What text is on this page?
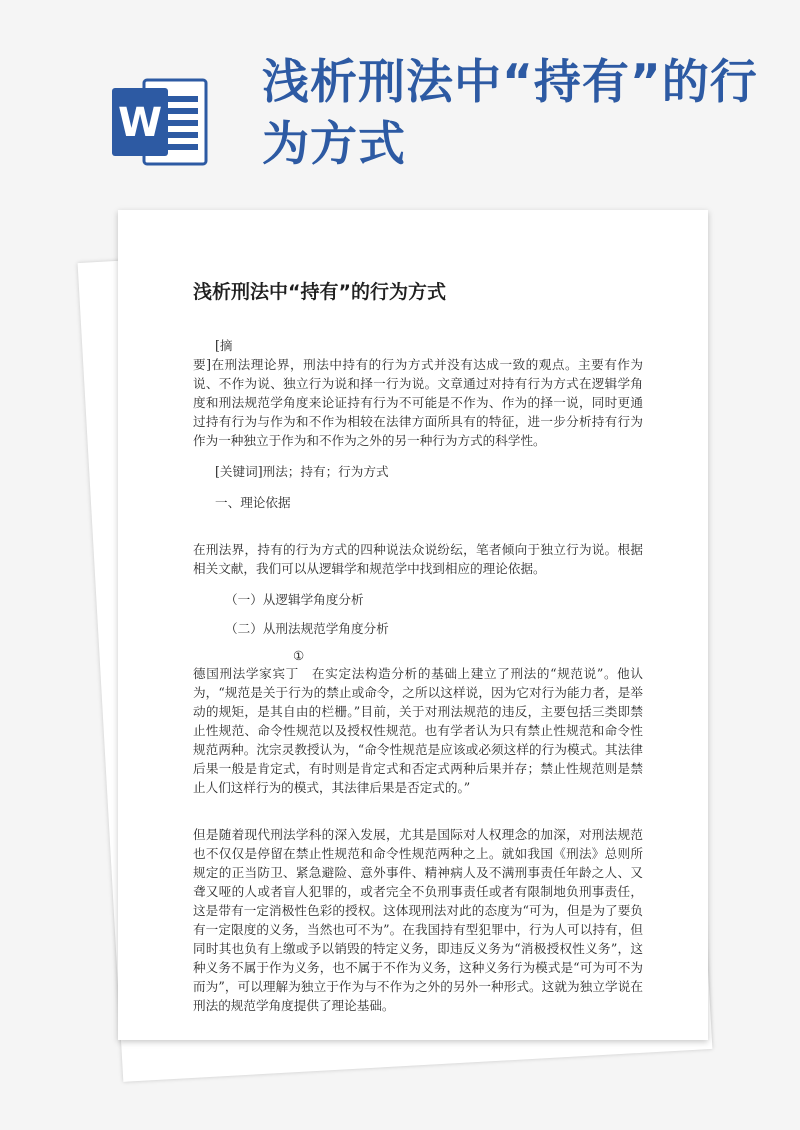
W
浅析刑法中“持有”的行为方式
浅析刑法中“持有”的行为方式

[摘

要]在刑法理论界，刑法中持有的行为方式并没有达成一致的观点。主要有作为说、不作为说、独立行为说和择一行为说。文章通过对持有行为方式在逻辑学角度和刑法规范学角度来论证持有行为不可能是不作为、作为的择一说，同时更通过持有行为与作为和不作为相较在法律方面所具有的特征，进一步分析持有行为作为一种独立于作为和不作为之外的另一种行为方式的科学性。

[关键词]刑法；持有；行为方式

一、理论依据

在刑法界，持有的行为方式的四种说法众说纷纭，笔者倾向于独立行为说。根据相关文献，我们可以从逻辑学和规范学中找到相应的理论依据。

（一）从逻辑学角度分析

（二）从刑法规范学角度分析

①

德国刑法学家宾丁　在实定法构造分析的基础上建立了刑法的“规范说”。他认为，“规范是关于行为的禁止或命令，之所以这样说，因为它对行为能力者，是举动的规矩，是其自由的栏栅。”目前，关于对刑法规范的违反，主要包括三类即禁止性规范、命令性规范以及授权性规范。也有学者认为只有禁止性规范和命令性规范两种。沈宗灵教授认为，“命令性规范是应该或必须这样的行为模式。其法律后果一般是肯定式，有时则是肯定式和否定式两种后果并存；禁止性规范则是禁止人们这样行为的模式，其法律后果是否定式的。”

但是随着现代刑法学科的深入发展，尤其是国际对人权理念的加深，对刑法规范也不仅仅是停留在禁止性规范和命令性规范两种之上。就如我国《刑法》总则所规定的正当防卫、紧急避险、意外事件、精神病人及不满刑事责任年龄之人、又聋又哑的人或者盲人犯罪的，或者完全不负刑事责任或者有限制地负刑事责任，这是带有一定消极性色彩的授权。这体现刑法对此的态度为“可为，但是为了要负有一定限度的义务，当然也可不为”。在我国持有型犯罪中，行为人可以持有，但同时其也负有上缴或予以销毁的特定义务，即违反义务为“消极授权性义务”，这种义务不属于作为义务，也不属于不作为义务，这种义务行为模式是“可为可不为而为”，可以理解为独立于作为与不作为之外的另外一种形式。这就为独立学说在刑法的规范学角度提供了理论基础。
